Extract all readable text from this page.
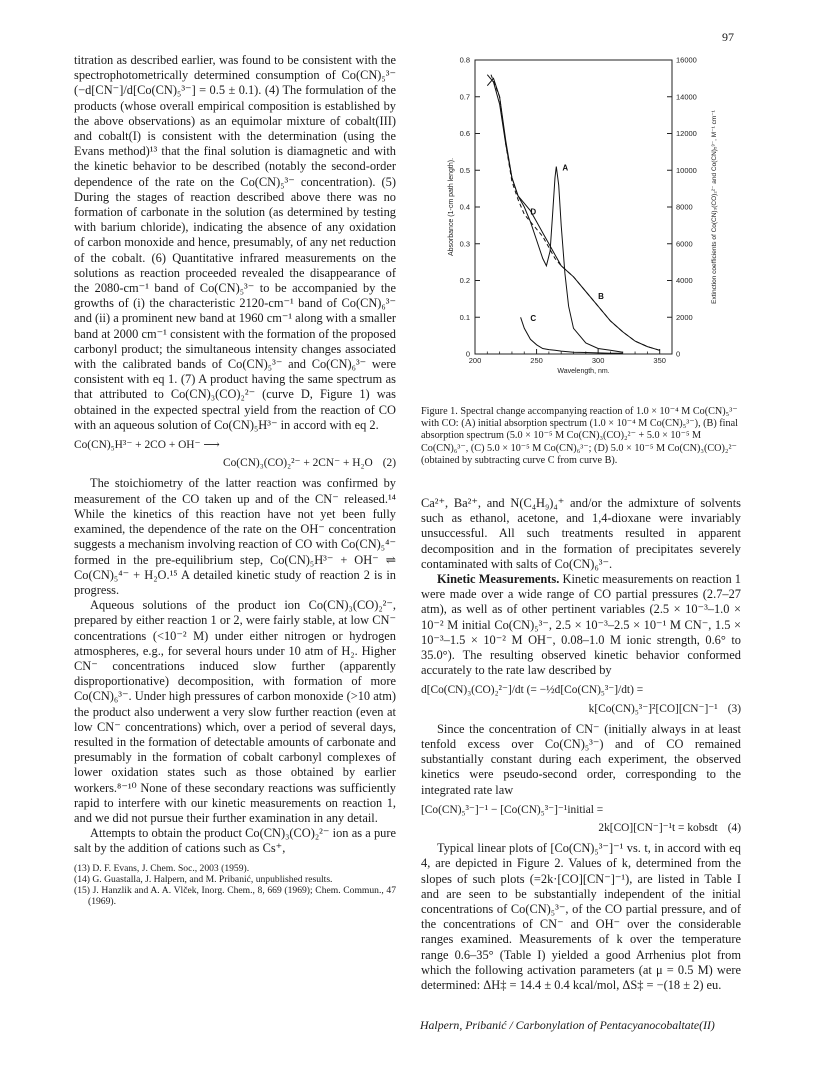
97

titration as described earlier, was found to be consistent with the spectrophotometrically determined consumption of Co(CN)₅³⁻ (−d[CN⁻]/d[Co(CN)₅³⁻] = 0.5 ± 0.1). (4) The formulation of the products (whose overall empirical composition is established by the above observations) as an equimolar mixture of cobalt(III) and cobalt(I) is consistent with the determination (using the Evans method)¹³ that the final solution is diamagnetic and with the kinetic behavior to be described (notably the second-order dependence of the rate on the Co(CN)₅³⁻ concentration). (5) During the stages of reaction described above there was no formation of carbonate in the solution (as determined by testing with barium chloride), indicating the absence of any oxidation of carbon monoxide and hence, presumably, of any net reduction of the cobalt. (6) Quantitative infrared measurements on the solutions as reaction proceeded revealed the disappearance of the 2080-cm⁻¹ band of Co(CN)₅³⁻ to be accompanied by the growths of (i) the characteristic 2120-cm⁻¹ band of Co(CN)₆³⁻ and (ii) a prominent new band at 1960 cm⁻¹ along with a smaller band at 2000 cm⁻¹ consistent with the formation of the proposed carbonyl product; the simultaneous intensity changes associated with the calibrated bands of Co(CN)₅³⁻ and Co(CN)₆³⁻ were consistent with eq 1. (7) A product having the same spectrum as that attributed to Co(CN)₃(CO)₂²⁻ (curve D, Figure 1) was obtained in the expected spectral yield from the reaction of CO with an aqueous solution of Co(CN)₅H³⁻ in accord with eq 2.

Co(CN)₅H³⁻ + 2CO + OH⁻ ⟶
Co(CN)₃(CO)₂²⁻ + 2CN⁻ + H₂O (2)

The stoichiometry of the latter reaction was confirmed by measurement of the CO taken up and of the CN⁻ released.¹⁴ While the kinetics of this reaction have not yet been fully examined, the dependence of the rate on the OH⁻ concentration suggests a mechanism involving reaction of CO with Co(CN)₅⁴⁻ formed in the pre-equilibrium step, Co(CN)₅H³⁻ + OH⁻ ⇌ Co(CN)₅⁴⁻ + H₂O.¹⁵ A detailed kinetic study of reaction 2 is in progress.

Aqueous solutions of the product ion Co(CN)₃(CO)₂²⁻, prepared by either reaction 1 or 2, were fairly stable, at low CN⁻ concentrations (<10⁻² M) under either nitrogen or hydrogen atmospheres, e.g., for several hours under 10 atm of H₂. Higher CN⁻ concentrations induced slow further (apparently disproportionative) decomposition, with formation of more Co(CN)₆³⁻. Under high pressures of carbon monoxide (>10 atm) the product also underwent a very slow further reaction (even at low CN⁻ concentrations) which, over a period of several days, resulted in the formation of detectable amounts of carbonate and presumably in the formation of cobalt carbonyl complexes of lower oxidation states such as those obtained by earlier workers.⁸⁻¹⁰ None of these secondary reactions was sufficiently rapid to interfere with our kinetic measurements on reaction 1, and we did not pursue their further examination in any detail.

Attempts to obtain the product Co(CN)₃(CO)₂²⁻ ion as a pure salt by the addition of cations such as Cs⁺,

(13) D. F. Evans, J. Chem. Soc., 2003 (1959).

(14) G. Guastalla, J. Halpern, and M. Pribanić, unpublished results.

(15) J. Hanzlik and A. A. Vlček, Inorg. Chem., 8, 669 (1969); Chem. Commun., 47 (1969).

200	250	300	350
0
0.1
0.2
0.3
0.4
0.5
0.6
0.7
0.8
0
2000
4000
6000
8000
10000
12000
14000
16000
Wavelength, nm.
Absorbance (1-cm path length).	Extinction coefficients of Co(CN)₃(CO)₂²⁻ and Co(CN)₅³⁻, M⁻¹ cm⁻¹
A
B
C
D
Figure 1. Spectral change accompanying reaction of 1.0 × 10⁻⁴ M Co(CN)₅³⁻ with CO: (A) initial absorption spectrum (1.0 × 10⁻⁴ M Co(CN)₅³⁻), (B) final absorption spectrum (5.0 × 10⁻⁵ M Co(CN)₃(CO)₂²⁻ + 5.0 × 10⁻⁵ M Co(CN)₆³⁻, (C) 5.0 × 10⁻⁵ M Co(CN)₆³⁻; (D) 5.0 × 10⁻⁵ M Co(CN)₃(CO)₂²⁻ (obtained by subtracting curve C from curve B).

Ca²⁺, Ba²⁺, and N(C₄H₉)₄⁺ and/or the admixture of solvents such as ethanol, acetone, and 1,4-dioxane were invariably unsuccessful. All such treatments resulted in apparent decomposition and in the formation of precipitates severely contaminated with salts of Co(CN)₆³⁻.

Kinetic Measurements. Kinetic measurements on reaction 1 were made over a wide range of CO partial pressures (2.7–27 atm), as well as of other pertinent variables (2.5 × 10⁻³–1.0 × 10⁻² M initial Co(CN)₅³⁻, 2.5 × 10⁻³–2.5 × 10⁻¹ M CN⁻, 1.5 × 10⁻³–1.5 × 10⁻² M OH⁻, 0.08–1.0 M ionic strength, 0.6° to 35.0°). The resulting observed kinetic behavior conformed accurately to the rate law described by

d[Co(CN)₃(CO)₂²⁻]/dt (= −½d[Co(CN)₅³⁻]/dt) =
k[Co(CN)₅³⁻]²[CO][CN⁻]⁻¹ (3)

Since the concentration of CN⁻ (initially always in at least tenfold excess over Co(CN)₅³⁻) and of CO remained substantially constant during each experiment, the observed kinetics were pseudo-second order, corresponding to the integrated rate law

[Co(CN)₅³⁻]⁻¹ − [Co(CN)₅³⁻]⁻¹initial =
2k[CO][CN⁻]⁻¹t = kobsdt (4)

Typical linear plots of [Co(CN)₅³⁻]⁻¹ vs. t, in accord with eq 4, are depicted in Figure 2. Values of k, determined from the slopes of such plots (=2k·[CO][CN⁻]⁻¹), are listed in Table I and are seen to be substantially independent of the initial concentrations of Co(CN)₅³⁻, of the CO partial pressure, and of the concentrations of CN⁻ and OH⁻ over the considerable ranges examined. Measurements of k over the temperature range 0.6–35° (Table I) yielded a good Arrhenius plot from which the following activation parameters (at μ = 0.5 M) were determined: ΔH‡ = 14.4 ± 0.4 kcal/mol, ΔS‡ = −(18 ± 2) eu.

Halpern, Pribanić / Carbonylation of Pentacyanocobaltate(II)
